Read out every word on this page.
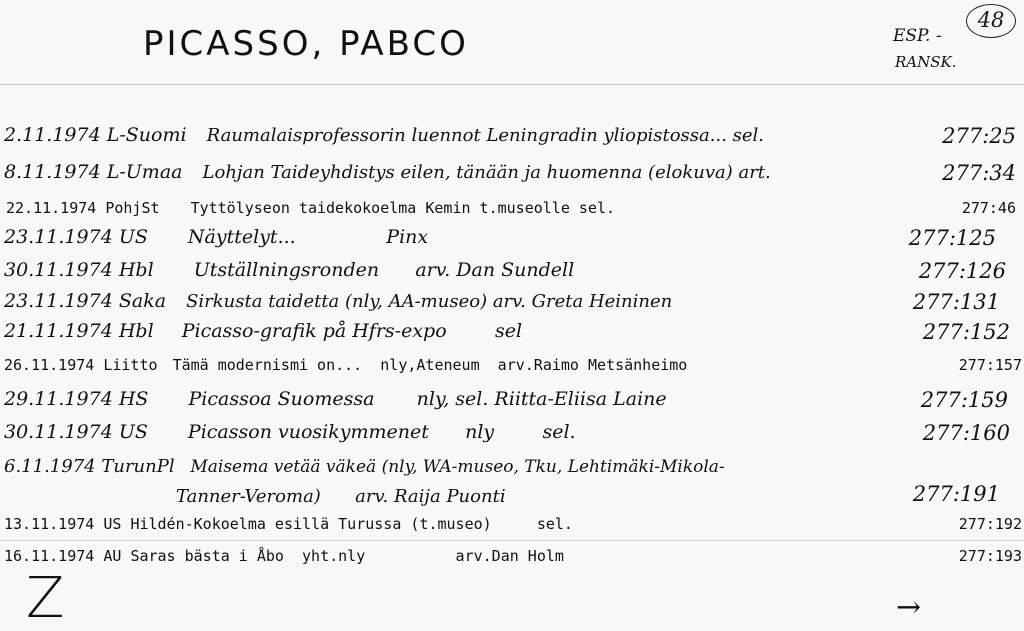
PICASSO, PABCO	ESP. -
RANSK.
48
2.11.1974 L-Suomi Raumalaisprofessorin luennot Leningradin yliopistossa... sel.	277:25
8.11.1974 L-Umaa Lohjan Taideyhdistys eilen, tänään ja huomenna (elokuva) art.	277:34
22.11.1974 PohjSt Tyttölyseon taidekokoelma Kemin t.museolle sel.	277:46
23.11.1974 US Näyttelyt...               Pinx	277:125
30.11.1974 Hbl Utställningsronden      arv. Dan Sundell	277:126
23.11.1974 Saka Sirkusta taidetta (nly, AA-museo) arv. Greta Heininen	277:131
21.11.1974 Hbl Picasso-grafik på Hfrs-expo        sel	277:152
26.11.1974 Liitto Tämä modernismi on...  nly,Ateneum  arv.Raimo Metsänheimo	277:157
29.11.1974 HS Picassoa Suomessa       nly, sel. Riitta-Eliisa Laine	277:159
30.11.1974 US Picasson vuosikymmenet      nly        sel.	277:160
6.11.1974 TurunPl Maisema vetää väkeä (nly, WA-museo, Tku, Lehtimäki-Mikola-
Tanner-Veroma)      arv. Raija Puonti	277:191
13.11.1974 US Hildén-Kokoelma esillä Turussa (t.museo)     sel.	277:192
16.11.1974 AU Saras bästa i Åbo  yht.nly          arv.Dan Holm	277:193
Z	→
